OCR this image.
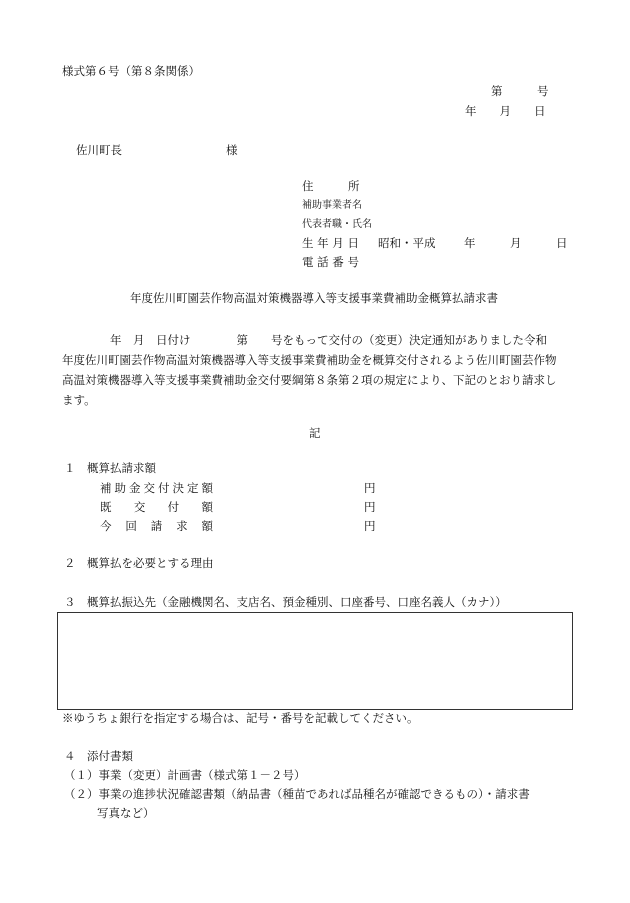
様式第６号（第８条関係）
第　　　号
年　　月　　日
佐川町長	様
住　　　所
補助事業者名
代表者職・氏名
生 年 月 日 昭和・平成 年　　　月　　　日
電 話 番 号
年度佐川町園芸作物高温対策機器導入等支援事業費補助金概算払請求書
年　月　日付け　　　　第　　号をもって交付の（変更）決定通知がありました令和　年度佐川町園芸作物高温対策機器導入等支援事業費補助金を概算交付されるよう佐川町園芸作物高温対策機器導入等支援事業費補助金交付要綱第８条第２項の規定により、下記のとおり請求します。
記
１　概算払請求額
補助金交付決定額	円
既　交　付　額	円
今　回　請　求　額	円
２　概算払を必要とする理由
３　概算払振込先（金融機関名、支店名、預金種別、口座番号、口座名義人（カナ））
※ゆうちょ銀行を指定する場合は、記号・番号を記載してください。
４　添付書類
（１）事業（変更）計画書（様式第１－２号）
（２）事業の進捗状況確認書類（納品書（種苗であれば品種名が確認できるもの）・請求書
写真など）
